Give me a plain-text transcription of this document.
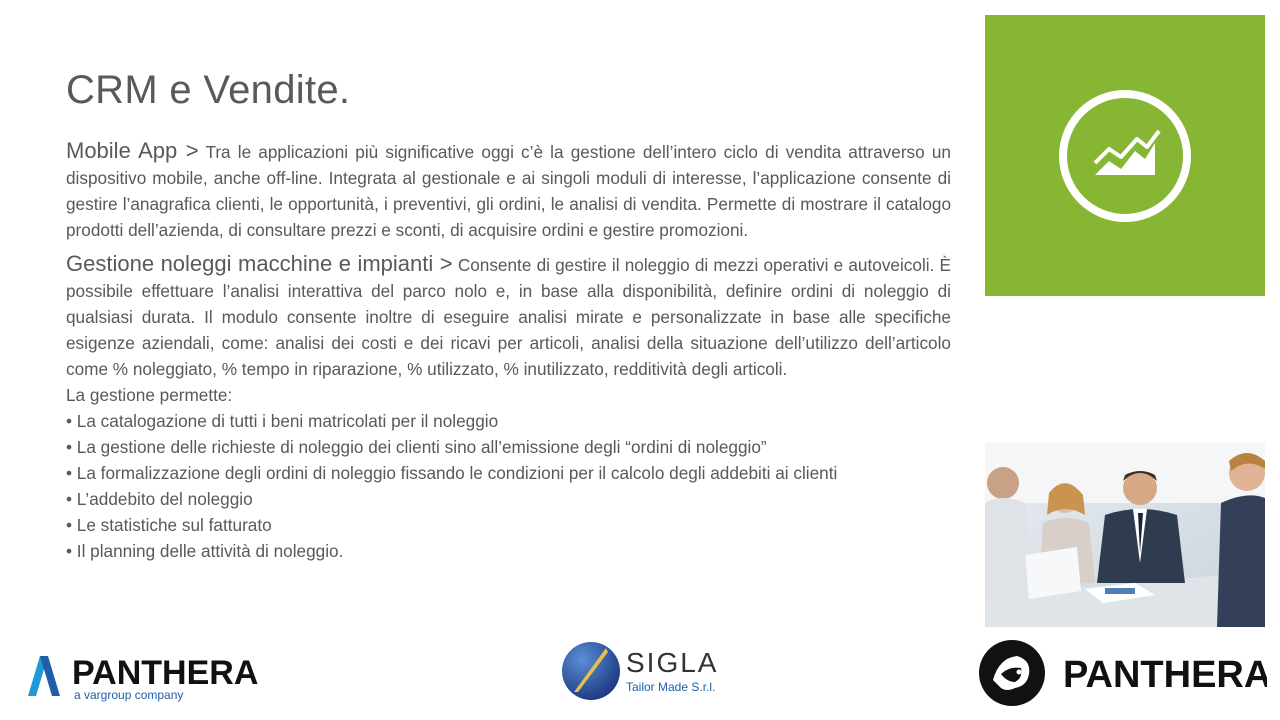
CRM e Vendite.

Mobile App > Tra le applicazioni più significative oggi c’è la gestione dell’intero ciclo di vendita attraverso un dispositivo mobile, anche off-line. Integrata al gestionale e ai singoli moduli di interesse, l’applicazione consente di gestire l’anagrafica clienti, le opportunità, i preventivi, gli ordini, le analisi di vendita. Permette di mostrare il catalogo prodotti dell’azienda, di consultare prezzi e sconti, di acquisire ordini e gestire promozioni.

Gestione noleggi macchine e impianti > Consente di gestire il noleggio di mezzi operativi e autoveicoli. È possibile effettuare l’analisi interattiva del parco nolo e, in base alla disponibilità, definire ordini di noleggio di qualsiasi durata. Il modulo consente inoltre di eseguire analisi mirate e personalizzate in base alle specifiche esigenze aziendali, come: analisi dei costi e dei ricavi per articoli, analisi della situazione dell’utilizzo dell’articolo come % noleggiato, % tempo in riparazione, % utilizzato, % inutilizzato, redditività degli articoli.

La gestione permette:

• La catalogazione di tutti i beni matricolati per il noleggio
• La gestione delle richieste di noleggio dei clienti sino all’emissione degli “ordini di noleggio”
• La formalizzazione degli ordini di noleggio fissando le condizioni per il calcolo degli addebiti ai clienti
• L’addebito del noleggio
• Le statistiche sul fatturato
• Il planning delle attività di noleggio.
PANTHERA
a vargroup company
SIGLA
Tailor Made S.r.l.	PANTHERA
